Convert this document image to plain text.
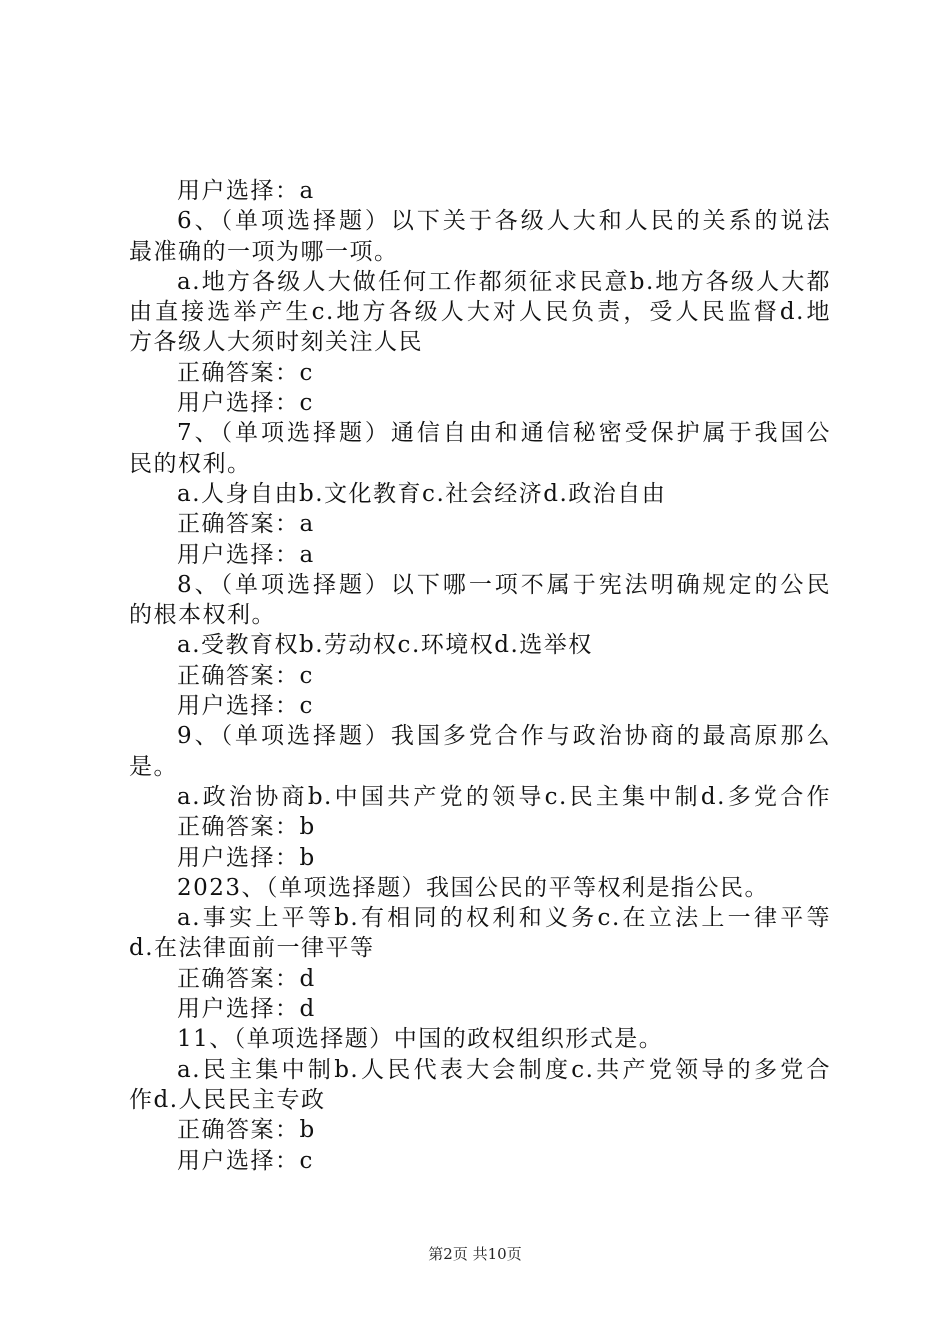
用户选择：a

6、（单项选择题）以下关于各级人大和人民的关系的说法

最准确的一项为哪一项。

a.地方各级人大做任何工作都须征求民意b.地方各级人大都

由直接选举产生c.地方各级人大对人民负责，受人民监督d.地

方各级人大须时刻关注人民

正确答案：c

用户选择：c

7、（单项选择题）通信自由和通信秘密受保护属于我国公

民的权利。

a.人身自由b.文化教育c.社会经济d.政治自由

正确答案：a

用户选择：a

8、（单项选择题）以下哪一项不属于宪法明确规定的公民

的根本权利。

a.受教育权b.劳动权c.环境权d.选举权

正确答案：c

用户选择：c

9、（单项选择题）我国多党合作与政治协商的最高原那么

是。

a.政治协商b.中国共产党的领导c.民主集中制d.多党合作

正确答案：b

用户选择：b

2023、（单项选择题）我国公民的平等权利是指公民。

a.事实上平等b.有相同的权利和义务c.在立法上一律平等

d.在法律面前一律平等

正确答案：d

用户选择：d

11、（单项选择题）中国的政权组织形式是。

a.民主集中制b.人民代表大会制度c.共产党领导的多党合

作d.人民民主专政

正确答案：b

用户选择：c

第2页 共10页
